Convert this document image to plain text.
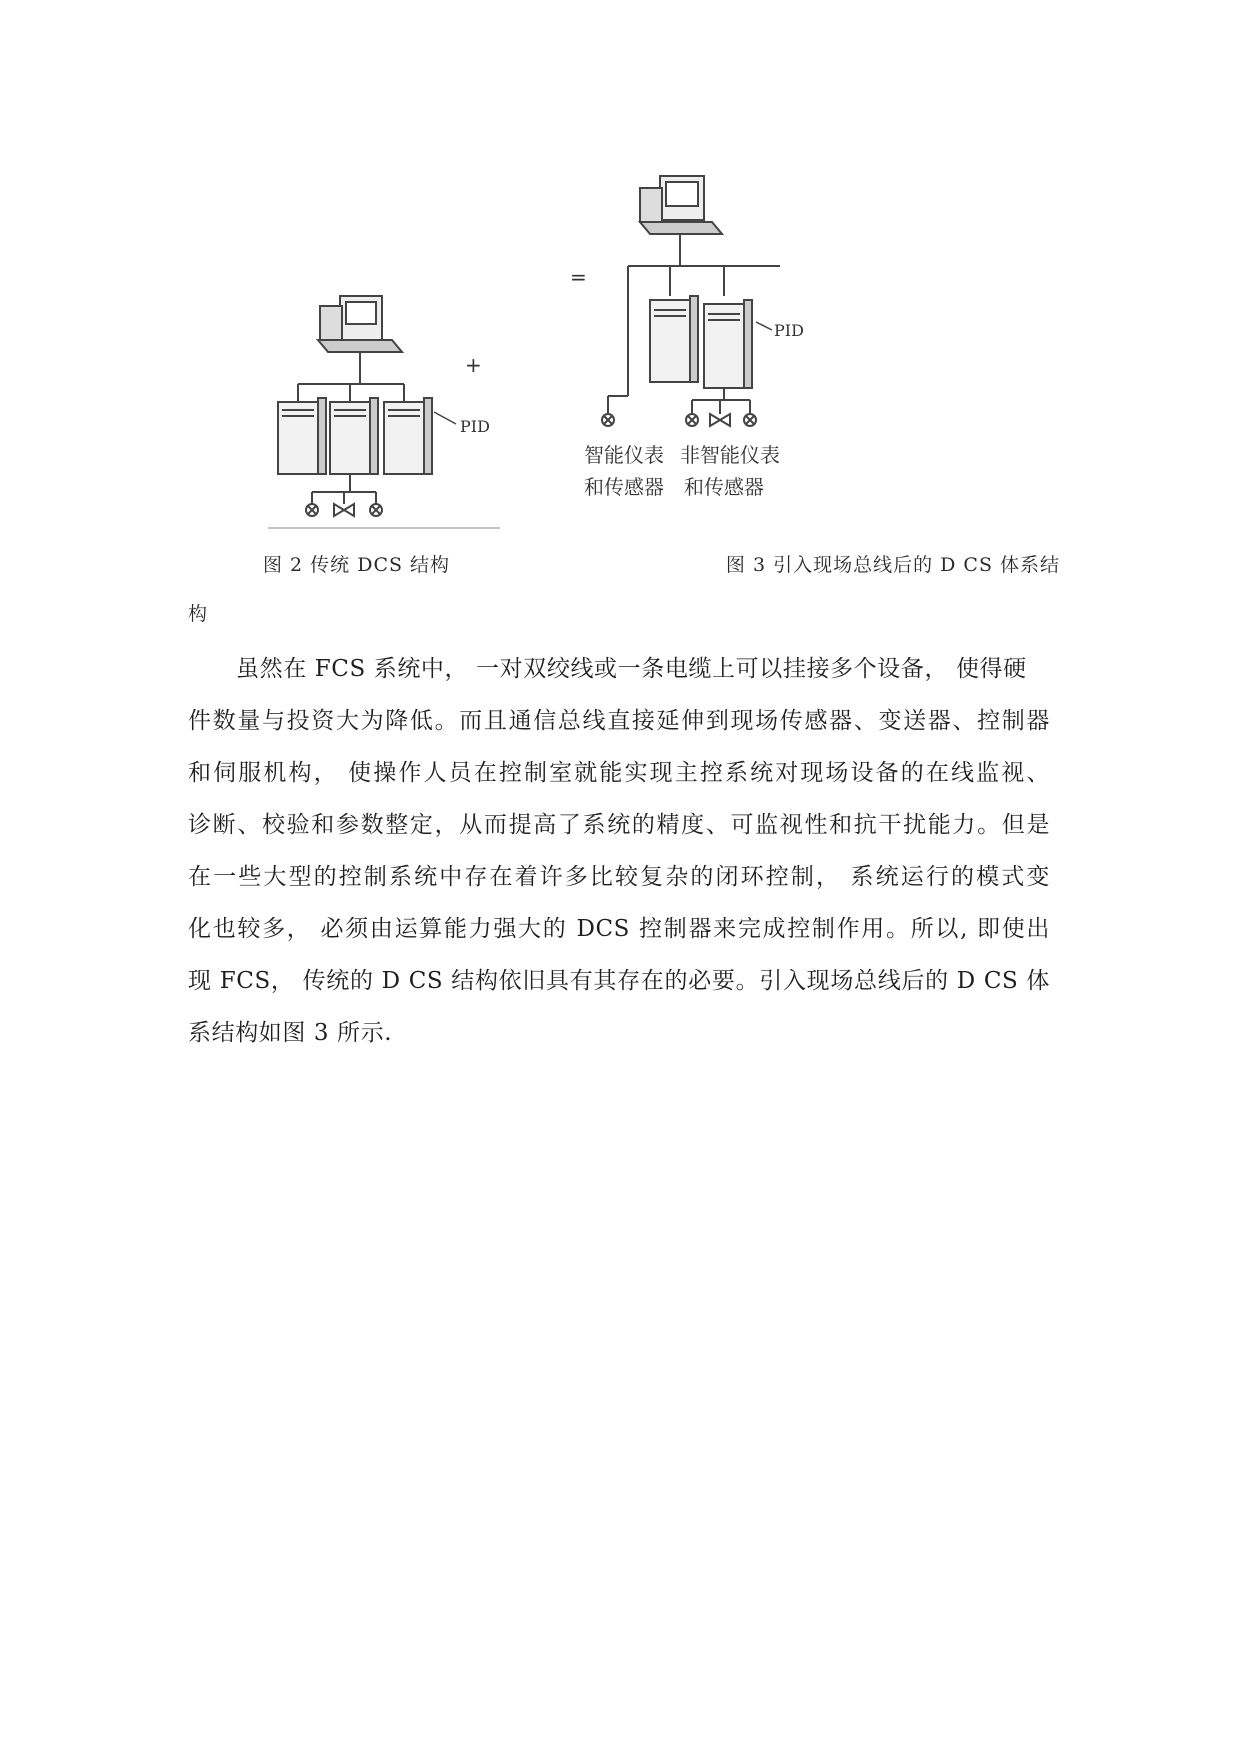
PID
+
=
PID
智能仪表
和传感器
非智能仪表
和传感器
图 2 传统 DCS 结构	图 3 引入现场总线后的 D CS 体系结
构
虽然在 FCS 系统中， 一对双绞线或一条电缆上可以挂接多个设备， 使得硬
件数量与投资大为降低。而且通信总线直接延伸到现场传感器、变送器、控制器
和伺服机构， 使操作人员在控制室就能实现主控系统对现场设备的在线监视、
诊断、校验和参数整定，从而提高了系统的精度、可监视性和抗干扰能力。但是
在一些大型的控制系统中存在着许多比较复杂的闭环控制， 系统运行的模式变
化也较多， 必须由运算能力强大的 DCS 控制器来完成控制作用。所以, 即使出
现 FCS， 传统的 D CS 结构依旧具有其存在的必要。引入现场总线后的 D CS 体
系结构如图 3 所示.
